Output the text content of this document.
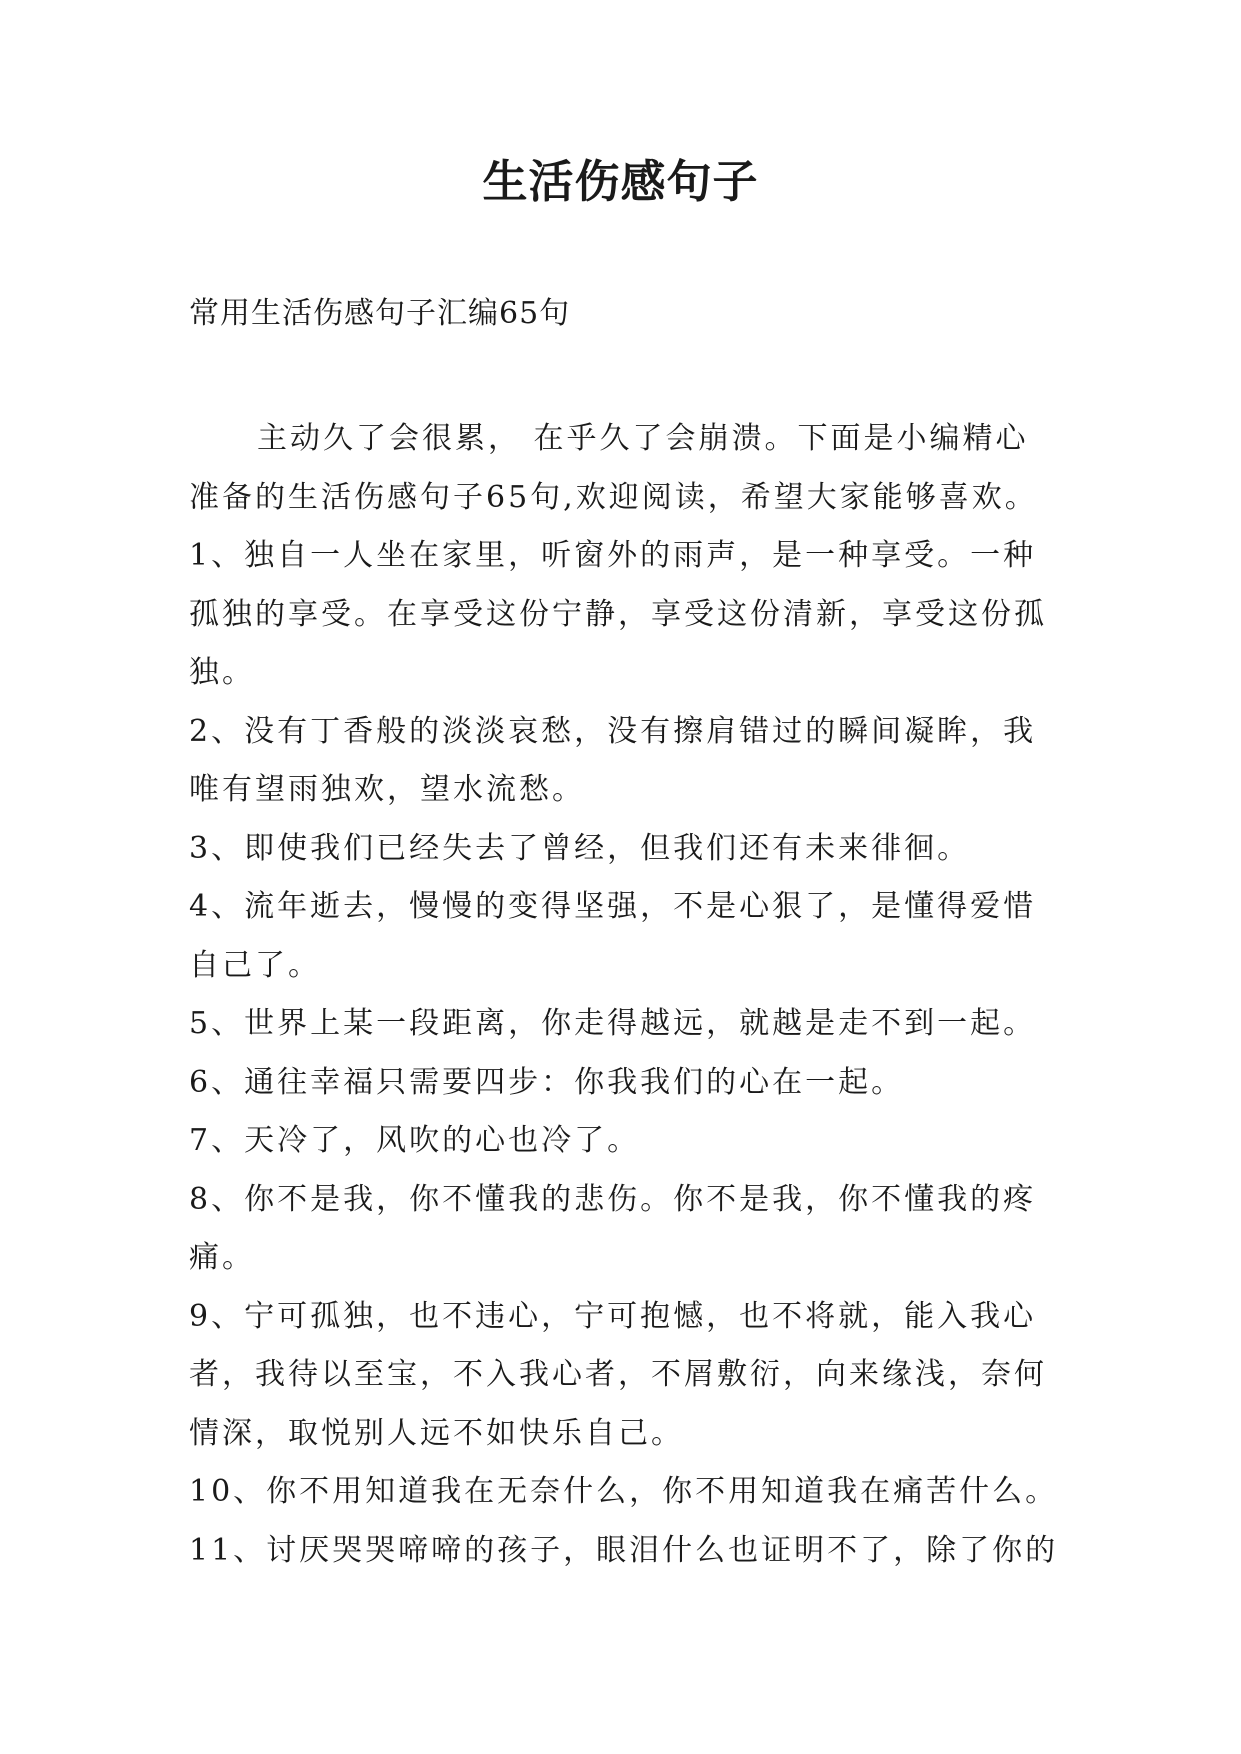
生活伤感句子

常用生活伤感句子汇编65句

主动久了会很累， 在乎久了会崩溃。下面是小编精心
准备的生活伤感句子65句,欢迎阅读，希望大家能够喜欢。
1、独自一人坐在家里，听窗外的雨声，是一种享受。一种
孤独的享受。在享受这份宁静，享受这份清新，享受这份孤
独。
2、没有丁香般的淡淡哀愁，没有擦肩错过的瞬间凝眸，我
唯有望雨独欢，望水流愁。
3、即使我们已经失去了曾经，但我们还有未来徘徊。
4、流年逝去，慢慢的变得坚强，不是心狠了，是懂得爱惜
自己了。
5、世界上某一段距离，你走得越远，就越是走不到一起。
6、通往幸福只需要四步：你我我们的心在一起。
7、天冷了，风吹的心也冷了。
8、你不是我，你不懂我的悲伤。你不是我，你不懂我的疼
痛。
9、宁可孤独，也不违心，宁可抱憾，也不将就，能入我心
者，我待以至宝，不入我心者，不屑敷衍，向来缘浅，奈何
情深，取悦别人远不如快乐自己。
10、你不用知道我在无奈什么，你不用知道我在痛苦什么。
11、讨厌哭哭啼啼的孩子，眼泪什么也证明不了，除了你的
